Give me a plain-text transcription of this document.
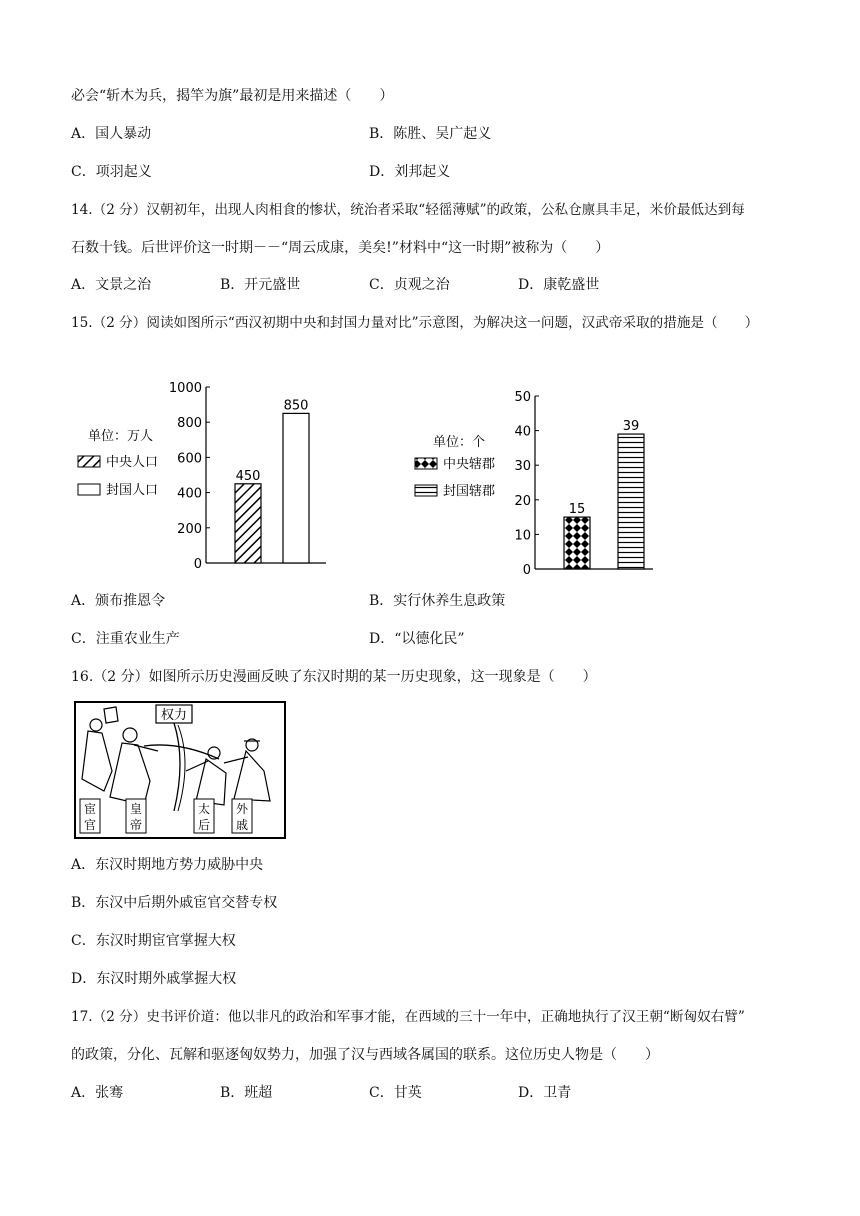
必会“斩木为兵，揭竿为旗”最初是用来描述（　　）
A．国人暴动	B．陈胜、吴广起义
C．项羽起义	D．刘邦起义
14.（2 分）汉朝初年，出现人肉相食的惨状，统治者采取“轻徭薄赋”的政策，公私仓廪具丰足，米价最低达到每
石数十钱。后世评价这一时期－－“周云成康，美矣!”材料中“这一时期”被称为（　　）
A．文景之治	B．开元盛世	C．贞观之治	D．康乾盛世
15.（2 分）阅读如图所示“西汉初期中央和封国力量对比”示意图，为解决这一问题，汉武帝采取的措施是（　　）
0
200
400
600
800
1000
450
850
单位：万人
中央人口
封国人口
0
10
20
30
40
50
15
39
单位：个
中央辖郡
封国辖郡
A．颁布推恩令	B．实行休养生息政策
C．注重农业生产	D．“以德化民”
16.（2 分）如图所示历史漫画反映了东汉时期的某一历史现象，这一现象是（　　）
权力
宦
官
皇
帝
太
后
外
戚
A．东汉时期地方势力威胁中央
B．东汉中后期外戚宦官交替专权
C．东汉时期宦官掌握大权
D．东汉时期外戚掌握大权
17.（2 分）史书评价道：他以非凡的政治和军事才能，在西域的三十一年中，正确地执行了汉王朝“断匈奴右臂”
的政策，分化、瓦解和驱逐匈奴势力，加强了汉与西域各属国的联系。这位历史人物是（　　）
A．张骞	B．班超	C．甘英	D．卫青
